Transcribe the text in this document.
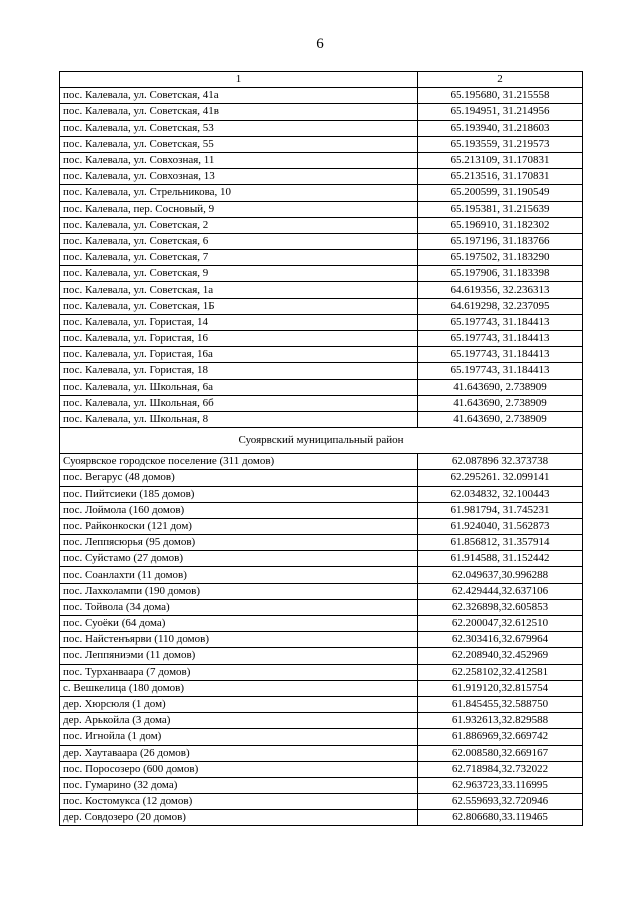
6
1	2
пос. Калевала, ул. Советская, 41а	65.195680, 31.215558
пос. Калевала, ул. Советская, 41в	65.194951, 31.214956
пос. Калевала, ул. Советская, 53	65.193940, 31.218603
пос. Калевала, ул. Советская, 55	65.193559, 31.219573
пос. Калевала, ул. Совхозная, 11	65.213109, 31.170831
пос. Калевала, ул. Совхозная, 13	65.213516, 31.170831
пос. Калевала, ул. Стрельникова, 10	65.200599, 31.190549
пос. Калевала, пер. Сосновый, 9	65.195381, 31.215639
пос. Калевала, ул. Советская, 2	65.196910, 31.182302
пос. Калевала, ул. Советская, 6	65.197196, 31.183766
пос. Калевала, ул. Советская, 7	65.197502, 31.183290
пос. Калевала, ул. Советская, 9	65.197906, 31.183398
пос. Калевала, ул. Советская, 1а	64.619356, 32.236313
пос. Калевала, ул. Советская, 1Б	64.619298, 32.237095
пос. Калевала, ул. Гористая, 14	65.197743, 31.184413
пос. Калевала, ул. Гористая, 16	65.197743, 31.184413
пос. Калевала, ул. Гористая, 16а	65.197743, 31.184413
пос. Калевала, ул. Гористая, 18	65.197743, 31.184413
пос. Калевала, ул. Школьная, 6а	41.643690, 2.738909
пос. Калевала, ул. Школьная, 6б	41.643690, 2.738909
пос. Калевала, ул. Школьная, 8	41.643690, 2.738909
Суоярвский муниципальный район	
Суоярвское городское поселение (311 домов)	62.087896 32.373738
пос. Вегарус (48 домов)	62.295261. 32.099141
пос. Пийтсиеки (185 домов)	62.034832, 32.100443
пос. Лоймола (160 домов)	61.981794, 31.745231
пос. Райконкоски (121 дом)	61.924040, 31.562873
пос. Леппясюрья (95 домов)	61.856812, 31.357914
пос. Суйстамо (27 домов)	61.914588, 31.152442
пос. Соанлахти (11 домов)	62.049637,30.996288
пос. Лахколампи (190 домов)	62.429444,32.637106
пос. Тойвола (34 дома)	62.326898,32.605853
пос. Суоёки (64 дома)	62.200047,32.612510
пос. Найстенъярви (110 домов)	62.303416,32.679964
пос. Леппяниэми (11 домов)	62.208940,32.452969
пос. Турханваара (7 домов)	62.258102,32.412581
с. Вешкелица (180 домов)	61.919120,32.815754
дер. Хюрсюля (1 дом)	61.845455,32.588750
дер. Арькойла (3 дома)	61.932613,32.829588
пос. Игнойла (1 дом)	61.886969,32.669742
дер. Хаутаваара (26 домов)	62.008580,32.669167
пос. Поросозеро (600 домов)	62.718984,32.732022
пос. Гумарино (32 дома)	62.963723,33.116995
пос. Костомукса (12 домов)	62.559693,32.720946
дер. Совдозеро (20 домов)	62.806680,33.119465
